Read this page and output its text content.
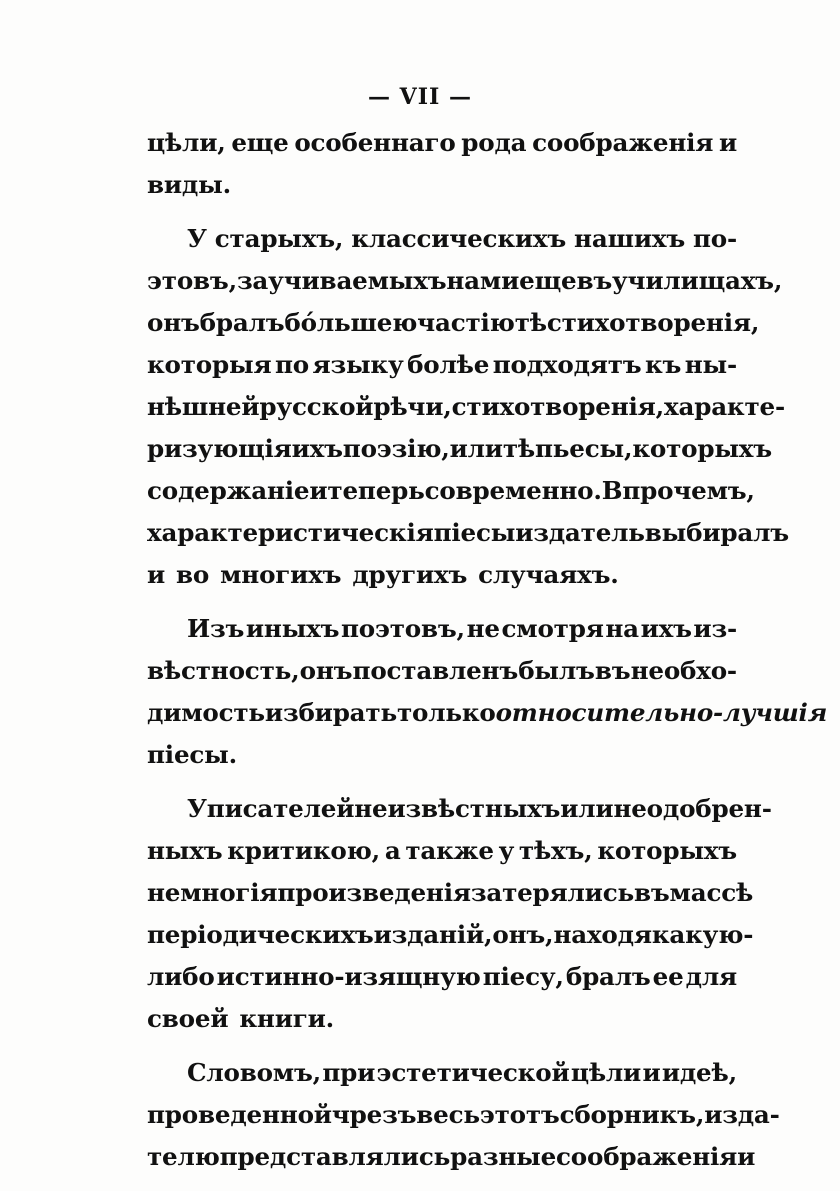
— VII —
цѣли, еще особеннаго рода соображенія и
виды.
У старыхъ, классическихъ нашихъ по-
этовъ, заучиваемыхъ нами еще въ училищахъ,
онъ бралъ бо́льшею частію тѣ стихотворенія,
которыя по языку болѣе подходятъ къ ны-
нѣшней русской рѣчи, стихотворенія, характе-
ризующія ихъ поэзію, или тѣ пьесы, которыхъ
содержаніе и теперь современно. Впрочемъ,
характеристическія піесы издатель выбиралъ
и во многихъ другихъ случаяхъ.
Изъ иныхъ поэтовъ, не смотря на ихъ из-
вѣстность, онъ поставленъ былъ въ необхо-
димость избирать только относительно-лучшія
піесы.
У писателей неизвѣстныхъ или неодобрен-
ныхъ критикою, а также у тѣхъ, которыхъ
немногія произведенія затерялись въ массѣ
періодическихъ изданій, онъ, находя какую-
либо истинно-изящную піесу, бралъ ее для
своей книги.
Словомъ, при эстетической цѣли и идеѣ,
проведенной чрезъ весь этотъ сборникъ, изда-
телю представлялись разные соображенія и
